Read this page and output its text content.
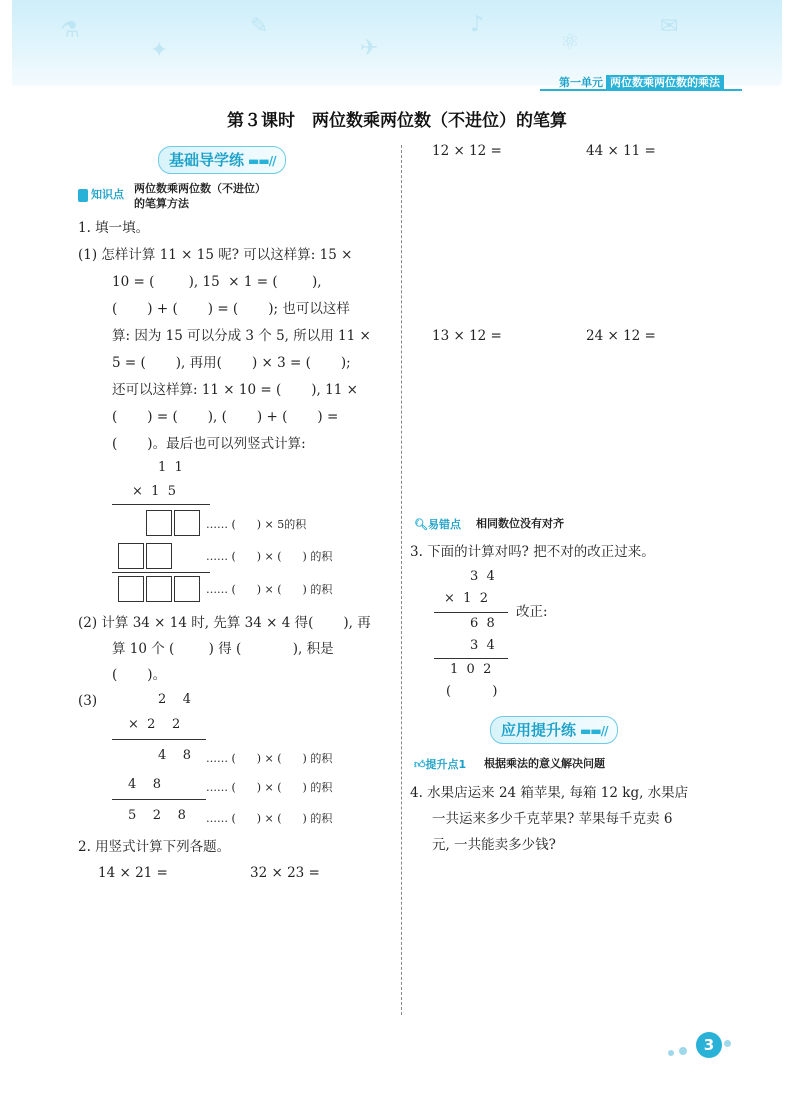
⚗
✦
✎
✈
♪
⚛
✉
第一单元 两位数乘两位数的乘法
第３课时　两位数乘两位数（不进位）的笔算
基础导学练 ▬▬//
知识点 两位数乘两位数（不进位）
的笔算方法
1. 填一填。
(1) 怎样计算 11 × 15 呢? 可以这样算: 15 ×
10 = (        ), 15  × 1 = (        ),
(       ) + (       ) = (       ); 也可以这样
算: 因为 15 可以分成 3 个 5, 所以用 11 ×
5 = (       ), 再用(       ) × 3 = (       );
还可以这样算: 11 × 10 = (       ), 11 ×
(       ) = (       ), (       ) + (       ) =
(       )。最后也可以列竖式计算:
1  1
×  1  5
…… (      ) × 5的积
…… (      ) × (      ) 的积
…… (      ) × (      ) 的积
(2) 计算 34 × 14 时, 先算 34 × 4 得(       ), 再
算 10 个 (        ) 得 (            ), 积是
(       )。
(3)	2    4
×  2    2
4    8 …… (      ) × (      ) 的积
4    8	…… (      ) × (      ) 的积
5    2    8 …… (      ) × (      ) 的积
2. 用竖式计算下列各题。
14 × 21 =	32 × 23 =
12 × 12 =	44 × 11 =
13 × 12 =	24 × 12 =
🔍︎易错点 相同数位没有对齐
3. 下面的计算对吗? 把不对的改正过来。
3  4
×  1  2
改正:
6  8
3  4
1  0  2
(          )
应用提升练 ▬▬//
👍︎提升点1 根据乘法的意义解决问题
4. 水果店运来 24 箱苹果, 每箱 12 kg, 水果店
一共运来多少千克苹果? 苹果每千克卖 6
元, 一共能卖多少钱?
3
